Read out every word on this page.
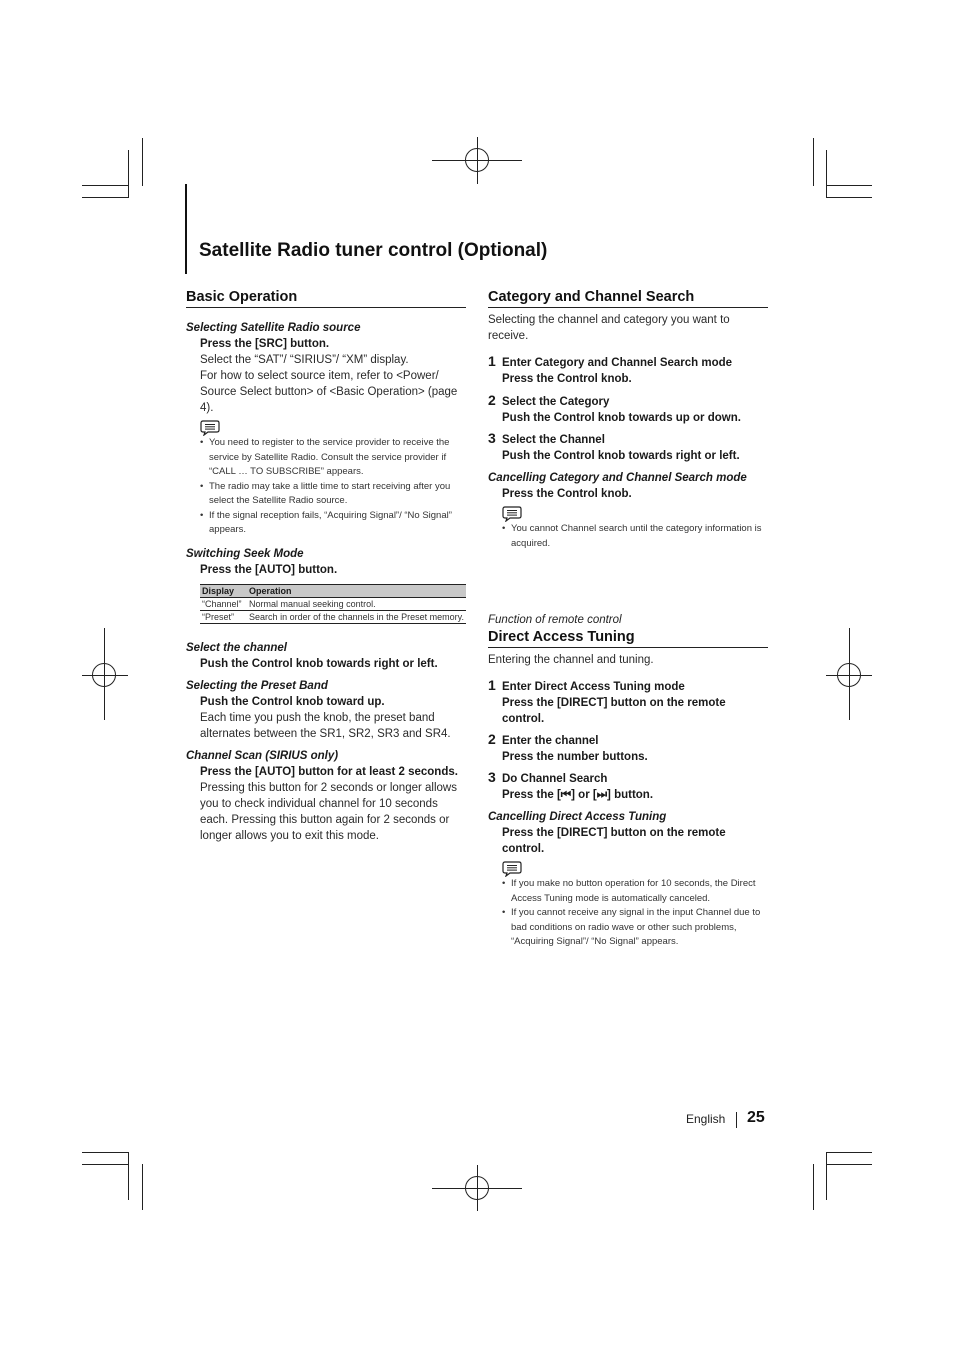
Satellite Radio tuner control (Optional)
Basic Operation
Selecting Satellite Radio source
Press the [SRC] button.
Select the “SAT”/ “SIRIUS”/ “XM” display.
For how to select source item, refer to <Power/ Source Select button> of <Basic Operation> (page 4).
• You need to register to the service provider to receive the service by Satellite Radio. Consult the service provider if “CALL … TO SUBSCRIBE” appears.
• The radio may take a little time to start receiving after you select the Satellite Radio source.
• If the signal reception fails, “Acquiring Signal”/ “No Signal” appears.
Switching Seek Mode
Press the [AUTO] button.
Display		Operation
“Channel”		Normal manual seeking control.
“Preset”		Search in order of the channels in the Preset memory.
Select the channel
Push the Control knob towards right or left.
Selecting the Preset Band
Push the Control knob toward up.
Each time you push the knob, the preset band alternates between the SR1, SR2, SR3 and SR4.
Channel Scan (SIRIUS only)
Press the [AUTO] button for at least 2 seconds.
Pressing this button for 2 seconds or longer allows you to check individual channel for 10 seconds each. Pressing this button again for 2 seconds or longer allows you to exit this mode.
Category and Channel Search
Selecting the channel and category you want to receive.
1 Enter Category and Channel Search mode
Press the Control knob.
2 Select the Category
Push the Control knob towards up or down.
3 Select the Channel
Push the Control knob towards right or left.
Cancelling Category and Channel Search mode
Press the Control knob.
• You cannot Channel search until the category information is acquired.
Function of remote control
Direct Access Tuning
Entering the channel and tuning.
1 Enter Direct Access Tuning mode
Press the [DIRECT] button on the remote control.
2 Enter the channel
Press the number buttons.
3 Do Channel Search
Press the [⏮] or [⏭] button.
Cancelling Direct Access Tuning
Press the [DIRECT] button on the remote control.
• If you make no button operation for 10 seconds, the Direct Access Tuning mode is automatically canceled.
• If you cannot receive any signal in the input Channel due to bad conditions on radio wave or other such problems, “Acquiring Signal”/ “No Signal” appears.
English 25
